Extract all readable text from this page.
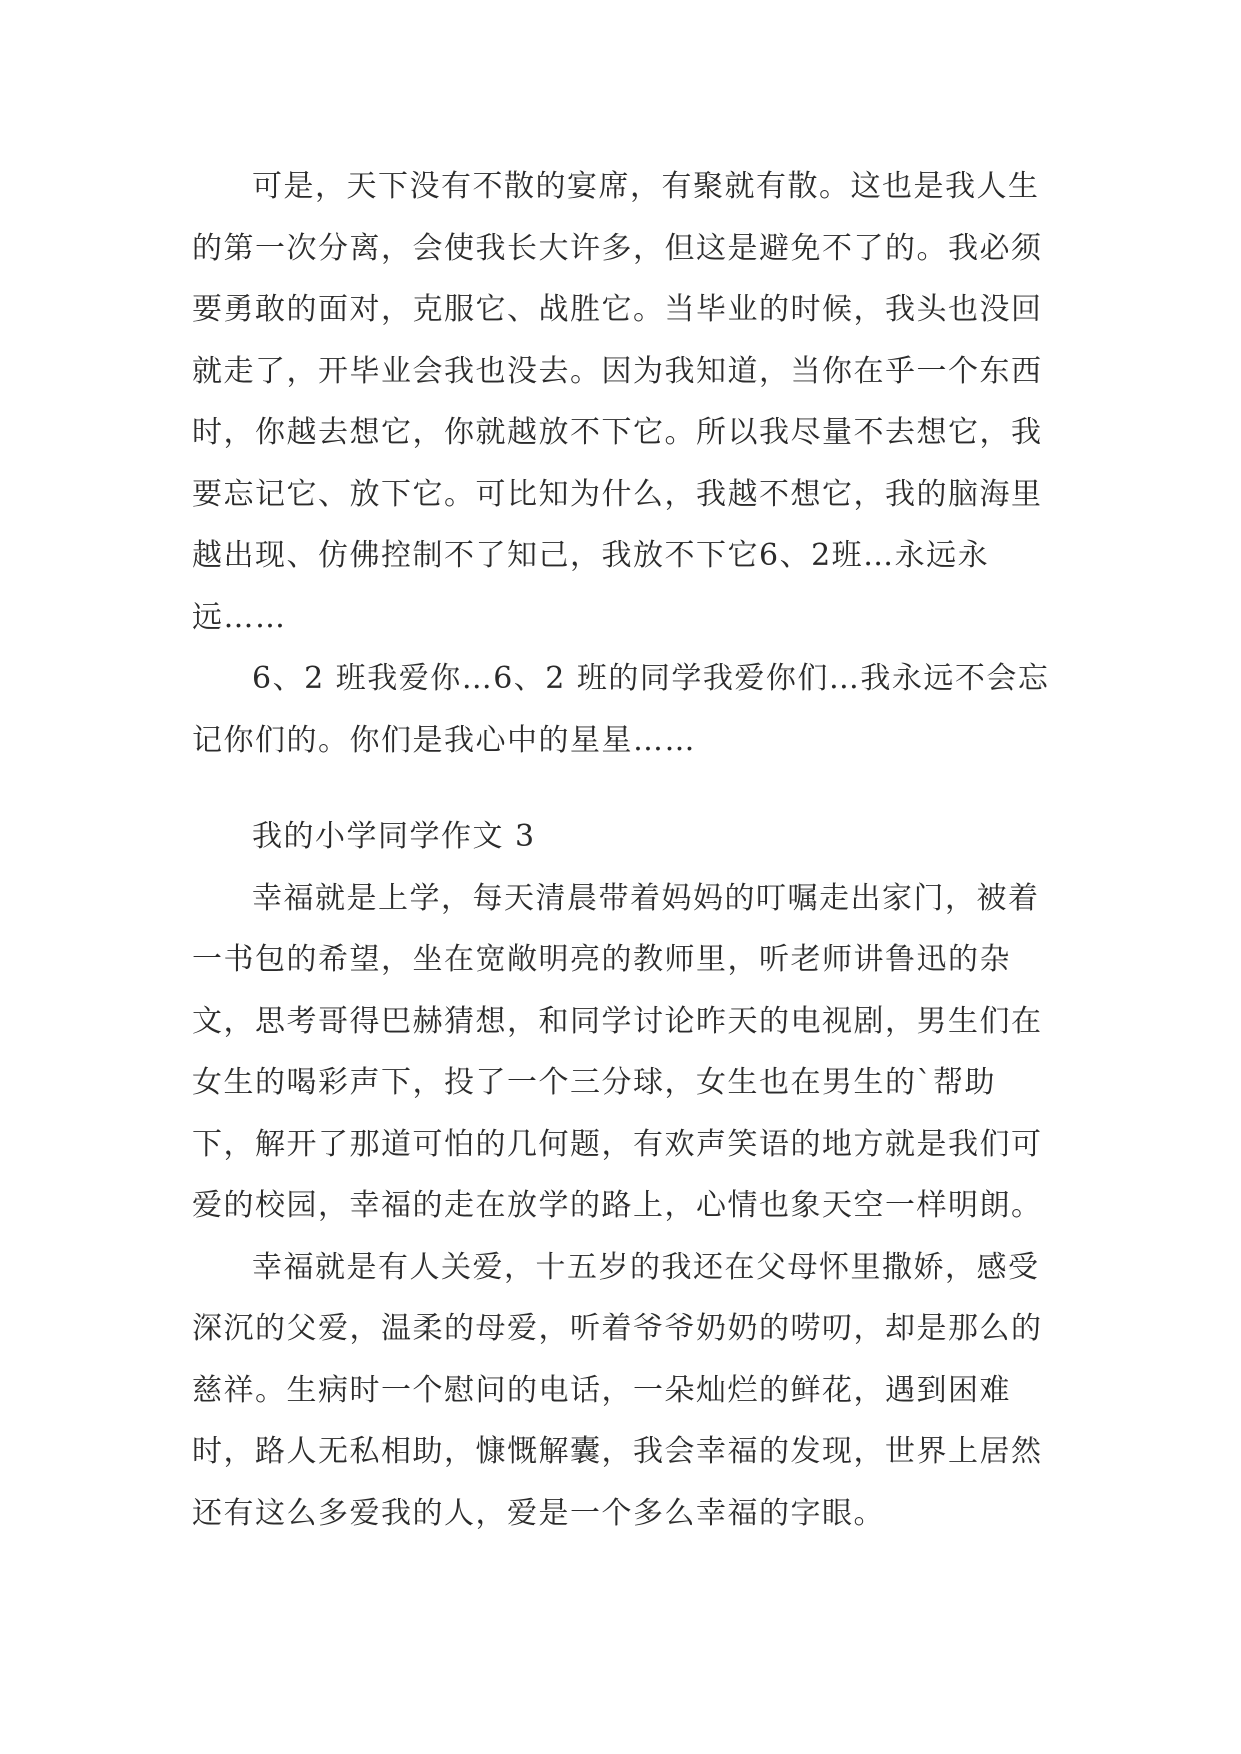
可是，天下没有不散的宴席，有聚就有散。这也是我人生的第一次分离，会使我长大许多，但这是避免不了的。我必须要勇敢的面对，克服它、战胜它。当毕业的时候，我头也没回就走了，开毕业会我也没去。因为我知道，当你在乎一个东西时，你越去想它，你就越放不下它。所以我尽量不去想它，我要忘记它、放下它。可比知为什么，我越不想它，我的脑海里越出现、仿佛控制不了知己，我放不下它6、2班…永远永远……

6、2 班我爱你…6、2 班的同学我爱你们…我永远不会忘记你们的。你们是我心中的星星……

我的小学同学作文 3

幸福就是上学，每天清晨带着妈妈的叮嘱走出家门，被着一书包的希望，坐在宽敞明亮的教师里，听老师讲鲁迅的杂文，思考哥得巴赫猜想，和同学讨论昨天的电视剧，男生们在女生的喝彩声下，投了一个三分球，女生也在男生的`帮助下，解开了那道可怕的几何题，有欢声笑语的地方就是我们可爱的校园，幸福的走在放学的路上，心情也象天空一样明朗。

幸福就是有人关爱，十五岁的我还在父母怀里撒娇，感受深沉的父爱，温柔的母爱，听着爷爷奶奶的唠叨，却是那么的慈祥。生病时一个慰问的电话，一朵灿烂的鲜花，遇到困难时，路人无私相助，慷慨解囊，我会幸福的发现，世界上居然还有这么多爱我的人，爱是一个多么幸福的字眼。
